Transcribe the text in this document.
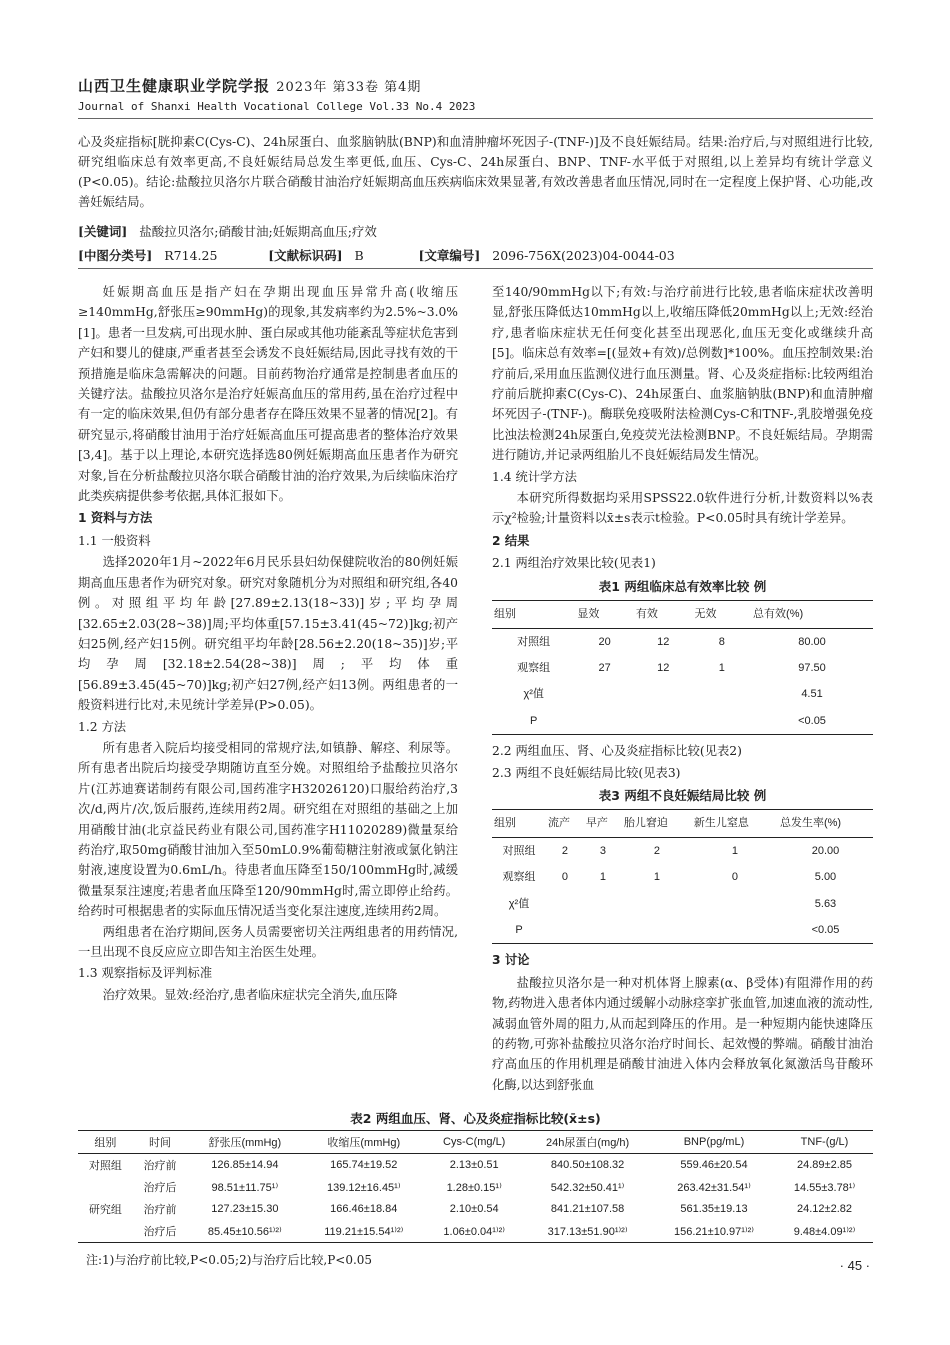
山西卫生健康职业学院学报 2023年 第33卷 第4期
Journal of Shanxi Health Vocational College Vol.33 No.4 2023
心及炎症指标[胱抑素C(Cys-C)、24h尿蛋白、血浆脑钠肽(BNP)和血清肿瘤坏死因子-(TNF-)]及不良妊娠结局。结果:治疗后,与对照组进行比较,研究组临床总有效率更高,不良妊娠结局总发生率更低,血压、Cys-C、24h尿蛋白、BNP、TNF-水平低于对照组,以上差异均有统计学意义(P<0.05)。结论:盐酸拉贝洛尔片联合硝酸甘油治疗妊娠期高血压疾病临床效果显著,有效改善患者血压情况,同时在一定程度上保护肾、心功能,改善妊娠结局。
[关键词] 盐酸拉贝洛尔;硝酸甘油;妊娠期高血压;疗效
[中图分类号] R714.25	[文献标识码] B	[文章编号] 2096-756X(2023)04-0044-03

妊娠期高血压是指产妇在孕期出现血压异常升高(收缩压≥140mmHg,舒张压≥90mmHg)的现象,其发病率约为2.5%~3.0%[1]。患者一旦发病,可出现水肿、蛋白尿或其他功能紊乱等症状危害到产妇和婴儿的健康,严重者甚至会诱发不良妊娠结局,因此寻找有效的干预措施是临床急需解决的问题。目前药物治疗通常是控制患者血压的关键疗法。盐酸拉贝洛尔是治疗妊娠高血压的常用药,虽在治疗过程中有一定的临床效果,但仍有部分患者存在降压效果不显著的情况[2]。有研究显示,将硝酸甘油用于治疗妊娠高血压可提高患者的整体治疗效果[3,4]。基于以上理论,本研究选择选80例妊娠期高血压患者作为研究对象,旨在分析盐酸拉贝洛尔联合硝酸甘油的治疗效果,为后续临床治疗此类疾病提供参考依据,具体汇报如下。

1 资料与方法
1.1 一般资料

选择2020年1月~2022年6月民乐县妇幼保健院收治的80例妊娠期高血压患者作为研究对象。研究对象随机分为对照组和研究组,各40例。对照组平均年龄[27.89±2.13(18~33)]岁;平均孕周[32.65±2.03(28~38)]周;平均体重[57.15±3.41(45~72)]kg;初产妇25例,经产妇15例。研究组平均年龄[28.56±2.20(18~35)]岁;平均孕周[32.18±2.54(28~38)]周;平均体重[56.89±3.45(45~70)]kg;初产妇27例,经产妇13例。两组患者的一般资料进行比对,未见统计学差异(P>0.05)。

1.2 方法

所有患者入院后均接受相同的常规疗法,如镇静、解痉、利尿等。所有患者出院后均接受孕期随访直至分娩。对照组给予盐酸拉贝洛尔片(江苏迪赛诺制药有限公司,国药准字H32026120)口服给药治疗,3次/d,两片/次,饭后服药,连续用药2周。研究组在对照组的基础之上加用硝酸甘油(北京益民药业有限公司,国药准字H11020289)微量泵给药治疗,取50mg硝酸甘油加入至50mL0.9%葡萄糖注射液或氯化钠注射液,速度设置为0.6mL/h。待患者血压降至150/100mmHg时,减缓微量泵泵注速度;若患者血压降至120/90mmHg时,需立即停止给药。给药时可根据患者的实际血压情况适当变化泵注速度,连续用药2周。

两组患者在治疗期间,医务人员需要密切关注两组患者的用药情况,一旦出现不良反应应立即告知主治医生处理。

1.3 观察指标及评判标准

治疗效果。显效:经治疗,患者临床症状完全消失,血压降

至140/90mmHg以下;有效:与治疗前进行比较,患者临床症状改善明显,舒张压降低达10mmHg以上,收缩压降低20mmHg以上;无效:经治疗,患者临床症状无任何变化甚至出现恶化,血压无变化或继续升高[5]。临床总有效率=[(显效+有效)/总例数]*100%。血压控制效果:治疗前后,采用血压监测仪进行血压测量。肾、心及炎症指标:比较两组治疗前后胱抑素C(Cys-C)、24h尿蛋白、血浆脑钠肽(BNP)和血清肿瘤坏死因子-(TNF-)。酶联免疫吸附法检测Cys-C和TNF-,乳胶增强免疫比浊法检测24h尿蛋白,免疫荧光法检测BNP。不良妊娠结局。孕期需进行随访,并记录两组胎儿不良妊娠结局发生情况。

1.4 统计学方法

本研究所得数据均采用SPSS22.0软件进行分析,计数资料以%表示χ²检验;计量资料以x̄±s表示t检验。P<0.05时具有统计学差异。

2 结果
2.1 两组治疗效果比较(见表1)
表1 两组临床总有效率比较 例
组别	显效	有效	无效	总有效(%)
对照组	20	12	8	80.00
观察组	27	12	1	97.50
χ²值				4.51
P				<0.05
2.2 两组血压、肾、心及炎症指标比较(见表2)
2.3 两组不良妊娠结局比较(见表3)
表3 两组不良妊娠结局比较 例
组别	流产	早产	胎儿窘迫	新生儿窒息	总发生率(%)
对照组	2	3	2	1	20.00
观察组	0	1	1	0	5.00
χ²值					5.63
P					<0.05
3 讨论

盐酸拉贝洛尔是一种对机体肾上腺素(α、β受体)有阻滞作用的药物,药物进入患者体内通过缓解小动脉痉挛扩张血管,加速血液的流动性,减弱血管外周的阻力,从而起到降压的作用。是一种短期内能快速降压的药物,可弥补盐酸拉贝洛尔治疗时间长、起效慢的弊端。硝酸甘油治疗高血压的作用机理是硝酸甘油进入体内会释放氧化氮激活鸟苷酸环化酶,以达到舒张血

表2 两组血压、肾、心及炎症指标比较(x̄±s)
组别	时间	舒张压(mmHg)	收缩压(mmHg)	Cys-C(mg/L)	24h尿蛋白(mg/h)	BNP(pg/mL)	TNF-(g/L)
对照组	治疗前	126.85±14.94	165.74±19.52	2.13±0.51	840.50±108.32	559.46±20.54	24.89±2.85
	治疗后	98.51±11.75¹⁾	139.12±16.45¹⁾	1.28±0.15¹⁾	542.32±50.41¹⁾	263.42±31.54¹⁾	14.55±3.78¹⁾
研究组	治疗前	127.23±15.30	166.46±18.84	2.10±0.54	841.21±107.58	561.35±19.13	24.12±2.82
	治疗后	85.45±10.56¹⁾²⁾	119.21±15.54¹⁾²⁾	1.06±0.04¹⁾²⁾	317.13±51.90¹⁾²⁾	156.21±10.97¹⁾²⁾	9.48±4.09¹⁾²⁾
注:1)与治疗前比较,P<0.05;2)与治疗后比较,P<0.05	· 45 ·
